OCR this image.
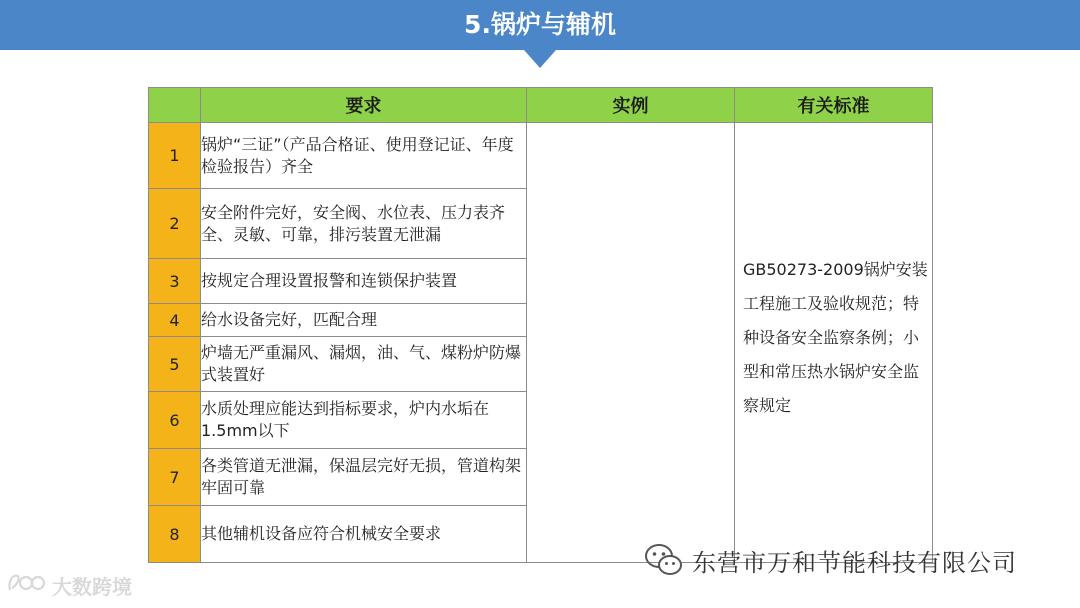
5.锅炉与辅机
	要求	实例	有关标准
1	锅炉“三证”（产品合格证、使用登记证、年度检验报告）齐全		GB50273-2009锅炉安装工程施工及验收规范；特种设备安全监察条例；小型和常压热水锅炉安全监察规定

2	安全附件完好，安全阀、水位表、压力表齐全、灵敏、可靠，排污装置无泄漏		
3	按规定合理设置报警和连锁保护装置		
4	给水设备完好，匹配合理		
5	炉墙无严重漏风、漏烟，油、气、煤粉炉防爆式装置好		
6	水质处理应能达到指标要求，炉内水垢在1.5mm以下		
7	各类管道无泄漏，保温层完好无损，管道构架牢固可靠		
8	其他辅机设备应符合机械安全要求		
东营市万和节能科技有限公司
大数跨境
